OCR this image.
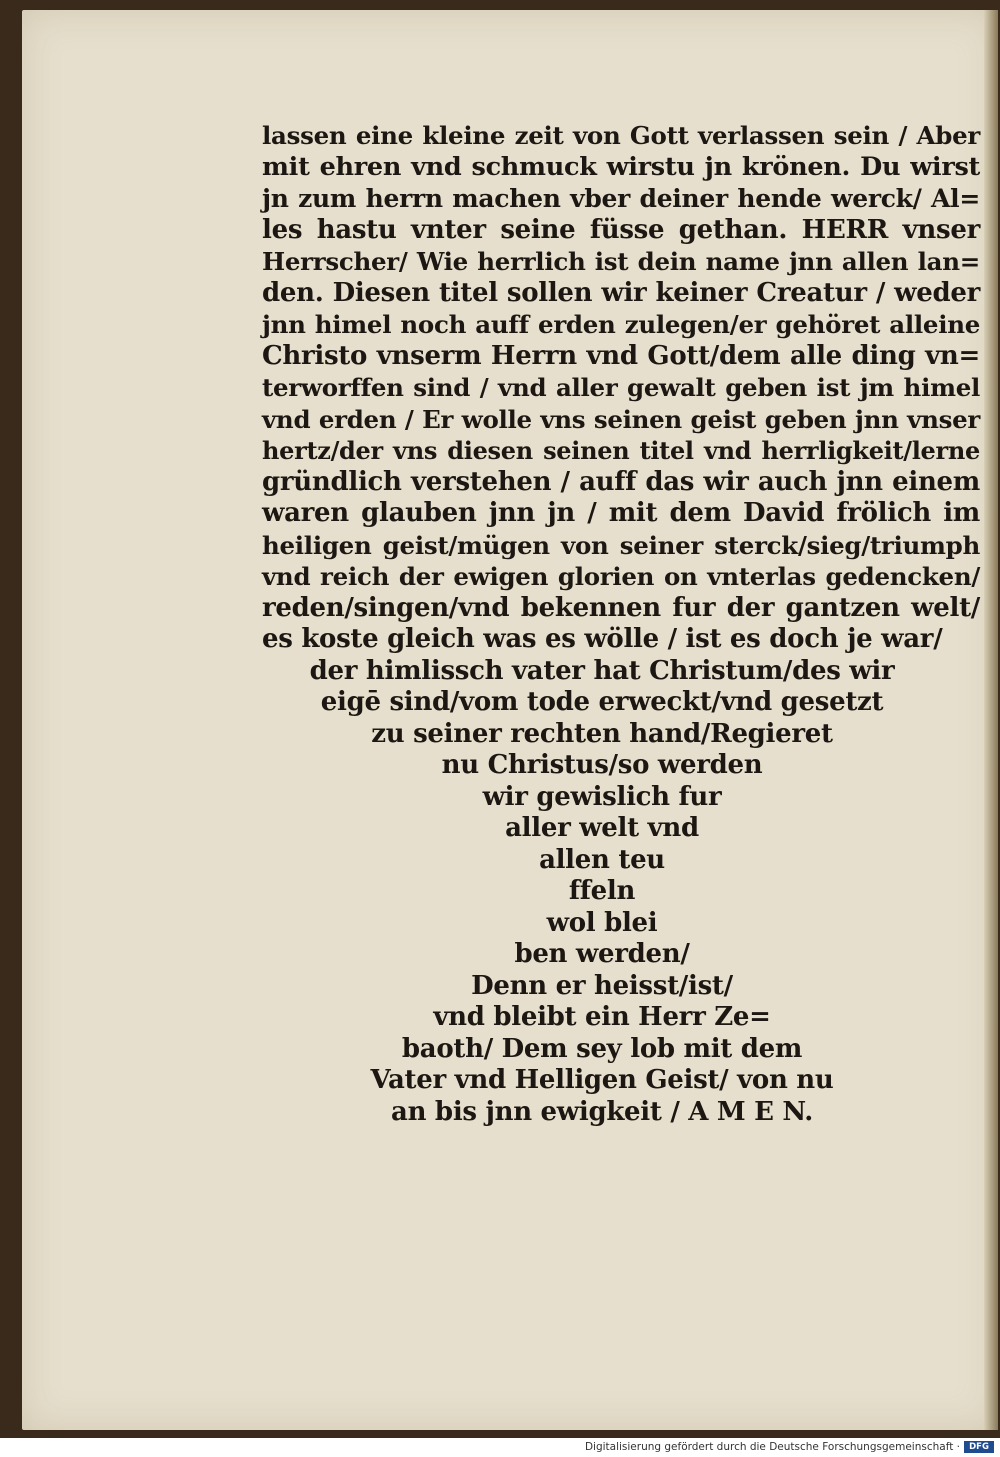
lassen eine kleine zeit von Gott verlassen sein / Aber
mit ehren vnd schmuck wirstu jn krönen. Du wirst
jn zum herrn machen vber deiner hende werck/ Al=
les hastu vnter seine füsse gethan. HERR vnser
Herrscher/ Wie herrlich ist dein name jnn allen lan=
den. Diesen titel sollen wir keiner Creatur / weder
jnn himel noch auff erden zulegen/er gehöret alleine
Christo vnserm Herrn vnd Gott/dem alle ding vn=
terworffen sind / vnd aller gewalt geben ist jm himel
vnd erden / Er wolle vns seinen geist geben jnn vnser
hertz/der vns diesen seinen titel vnd herrligkeit/lerne
gründlich verstehen / auff das wir auch jnn einem
waren glauben jnn jn / mit dem David frölich im
heiligen geist/mügen von seiner sterck/sieg/triumph
vnd reich der ewigen glorien on vnterlas gedencken/
reden/singen/vnd bekennen fur der gantzen welt/
es koste gleich was es wölle / ist es doch je war/
der himlissch vater hat Christum/des wir
eigē sind/vom tode erweckt/vnd gesetzt
zu seiner rechten hand/Regieret
nu Christus/so werden
wir gewislich fur
aller welt vnd
allen teu
ffeln
wol blei
ben werden/
Denn er heisst/ist/
vnd bleibt ein Herr Ze=
baoth/ Dem sey lob mit dem
Vater vnd Helligen Geist/ von nu
an bis jnn ewigkeit / A M E N.
Digitalisierung gefördert durch die Deutsche Forschungsgemeinschaft ·	DFG
